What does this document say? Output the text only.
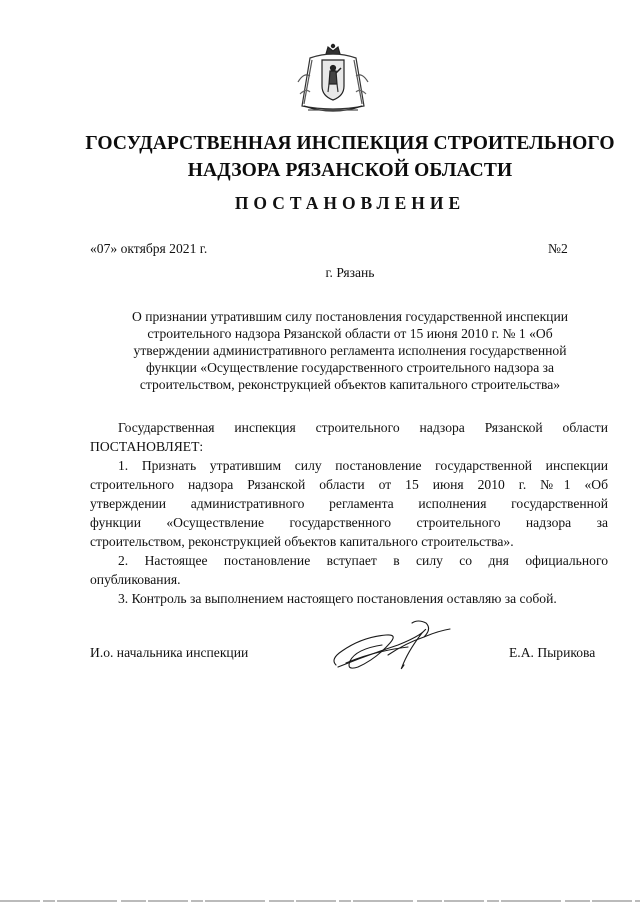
ГОСУДАРСТВЕННАЯ ИНСПЕКЦИЯ СТРОИТЕЛЬНОГО
НАДЗОРА РЯЗАНСКОЙ ОБЛАСТИ
ПОСТАНОВЛЕНИЕ
«07» октября 2021 г.	№2
г. Рязань
О признании утратившим силу постановления государственной инспекции
строительного надзора Рязанской области от 15 июня 2010 г. № 1 «Об
утверждении административного регламента исполнения государственной
функции «Осуществление государственного строительного надзора за
строительством, реконструкцией объектов капитального строительства»
Государственная инспекция строительного надзора Рязанской области
ПОСТАНОВЛЯЕТ:
1. Признать утратившим силу постановление государственной инспекции
строительного надзора Рязанской области от 15 июня 2010 г. №1 «Об
утверждении административного регламента исполнения государственной
функции «Осуществление государственного строительного надзора за
строительством, реконструкцией объектов капитального строительства».
2. Настоящее постановление вступает в силу со дня официального
опубликования.
3. Контроль за выполнением настоящего постановления оставляю за собой.
И.о. начальника инспекции	Е.А. Пырикова
